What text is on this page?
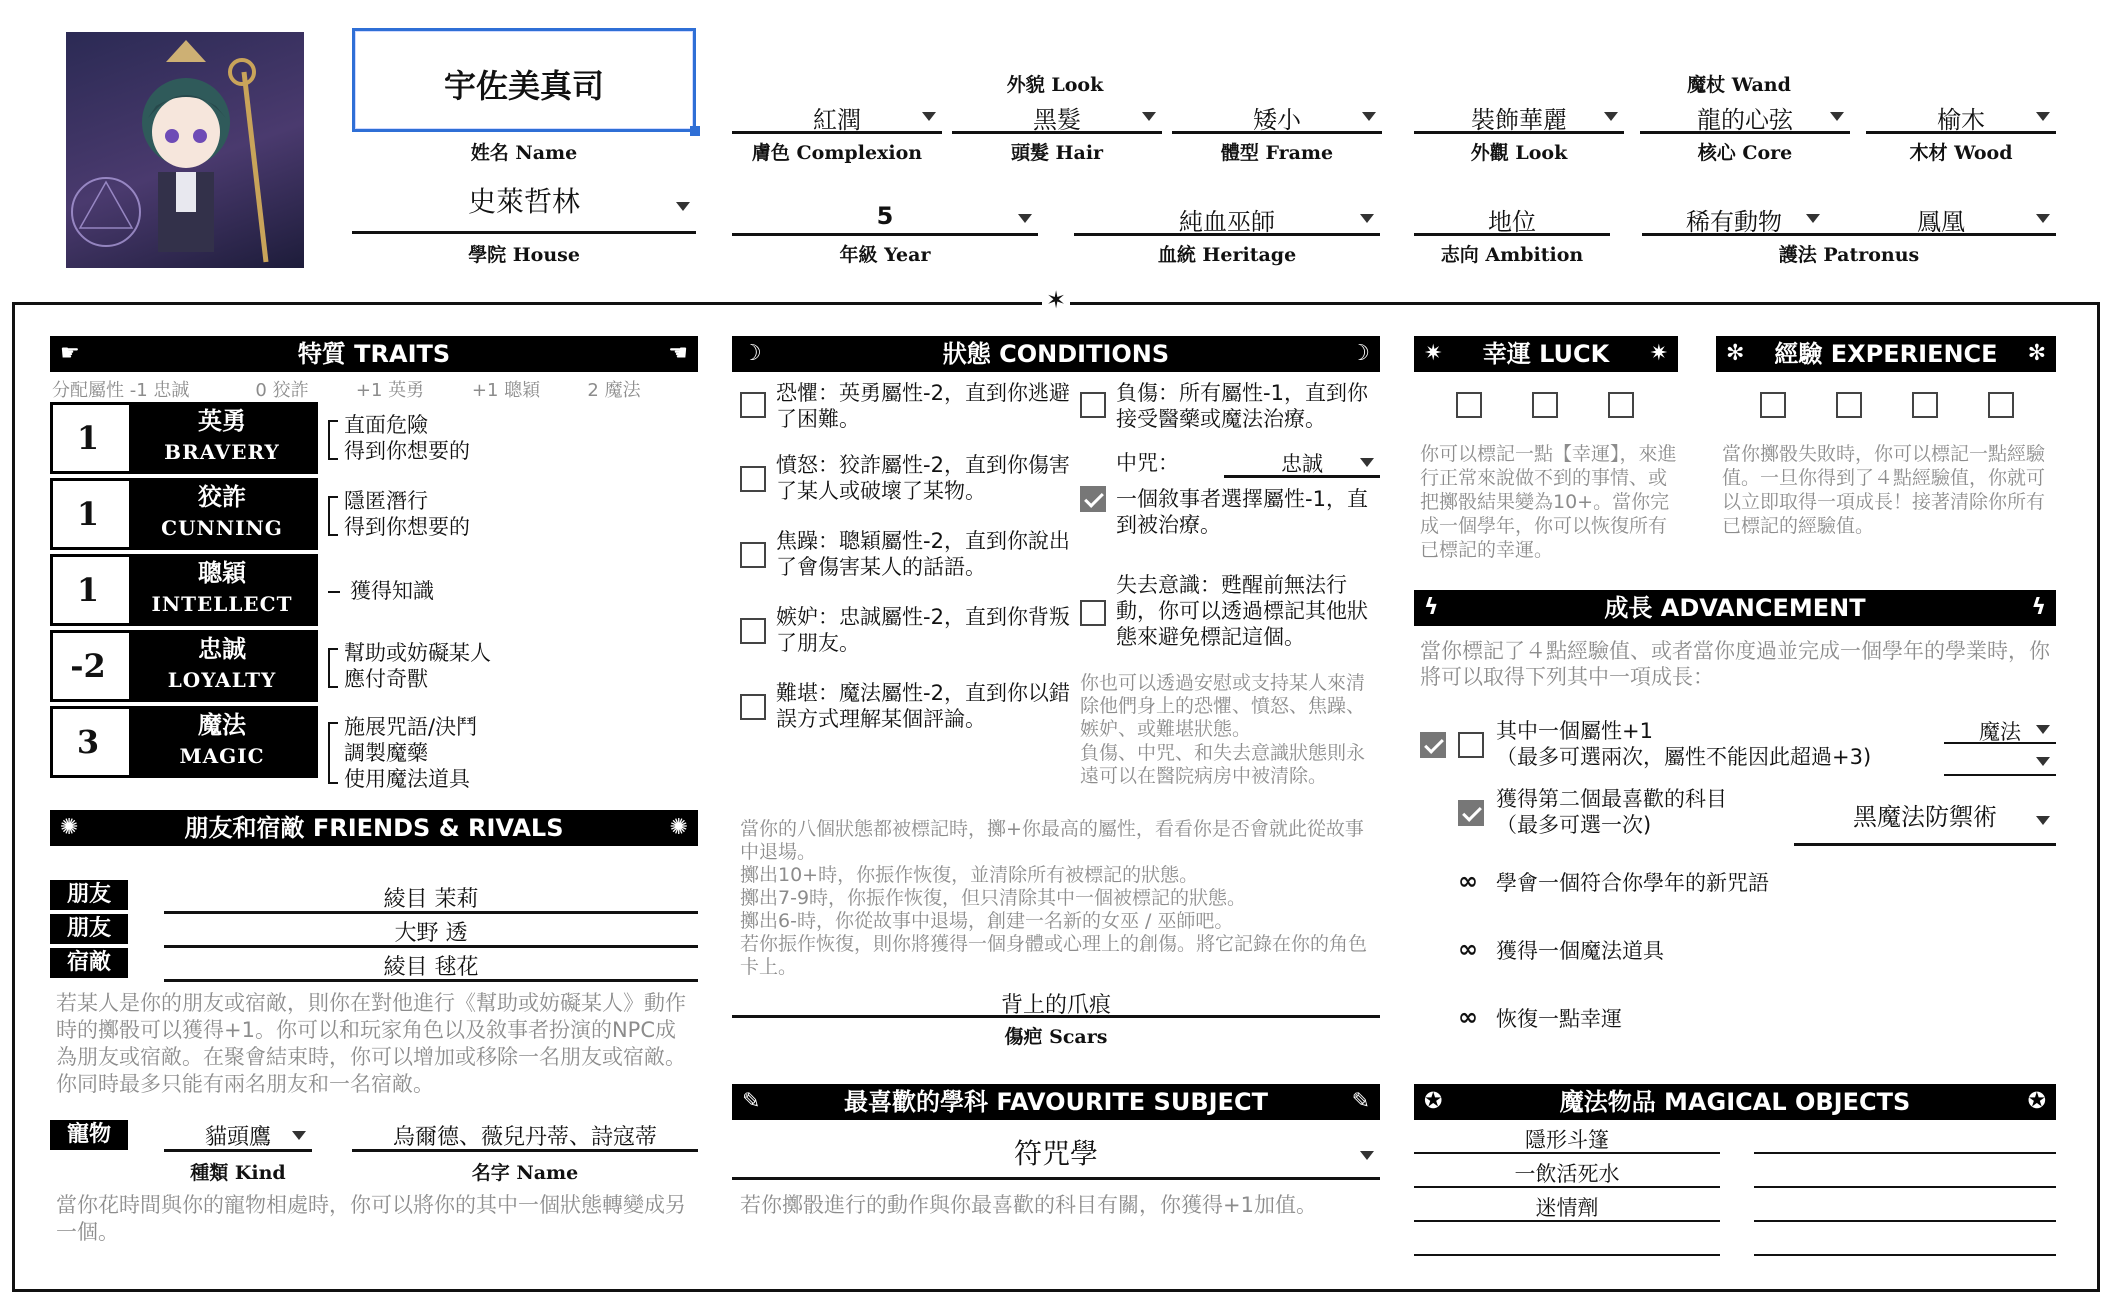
宇佐美真司
姓名 Name
史萊哲林
學院 House
外貌 Look
紅潤
膚色 Complexion
黑髮
頭髮 Hair
矮小
體型 Frame
魔杖 Wand
裝飾華麗
外觀 Look
龍的心弦
核心 Core
榆木
木材 Wood
5
年級 Year
純血巫師
血統 Heritage
地位
志向 Ambition
稀有動物	鳳凰
護法 Patronus
✶
☛	特質 TRAITS	☚
分配屬性 -1 忠誠	0 狡詐	+1 英勇	+1 聰穎	2 魔法
1	英勇
BRAVERY
直面危險
得到你想要的
1	狡詐
CUNNING
隱匿潛行
得到你想要的
1	聰穎
INTELLECT
獲得知識
-2	忠誠
LOYALTY
幫助或妨礙某人
應付奇獸
3	魔法
MAGIC
施展咒語/決鬥
調製魔藥
使用魔法道具
✺	朋友和宿敵 FRIENDS & RIVALS	✺
朋友	綾目 茉莉
朋友	大野 透
宿敵	綾目 毬花
若某人是你的朋友或宿敵，則你在對他進行《幫助或妨礙某人》動作時的擲骰可以獲得+1。你可以和玩家角色以及敘事者扮演的NPC成為朋友或宿敵。在聚會結束時，你可以增加或移除一名朋友或宿敵。你同時最多只能有兩名朋友和一名宿敵。
寵物	貓頭鷹
種類 Kind
烏爾德、薇兒丹蒂、詩寇蒂
名字 Name
當你花時間與你的寵物相處時，你可以將你的其中一個狀態轉變成另一個。
☽	狀態 CONDITIONS	☽
恐懼：英勇屬性-2，直到你逃避了困難。
憤怒：狡詐屬性-2，直到你傷害了某人或破壞了某物。
焦躁：聰穎屬性-2，直到你說出了會傷害某人的話語。
嫉妒：忠誠屬性-2，直到你背叛了朋友。
難堪：魔法屬性-2，直到你以錯誤方式理解某個評論。
負傷：所有屬性-1，直到你接受醫藥或魔法治療。
中咒：	忠誠
一個敘事者選擇屬性-1，直到被治療。
失去意識：甦醒前無法行動，你可以透過標記其他狀態來避免標記這個。
你也可以透過安慰或支持某人來清除他們身上的恐懼、憤怒、焦躁、嫉妒、或難堪狀態。
負傷、中咒、和失去意識狀態則永遠可以在醫院病房中被清除。
當你的八個狀態都被標記時，擲+你最高的屬性，看看你是否會就此從故事中退場。
擲出10+時，你振作恢復，並清除所有被標記的狀態。
擲出7-9時，你振作恢復，但只清除其中一個被標記的狀態。
擲出6-時，你從故事中退場，創建一名新的女巫 / 巫師吧。
若你振作恢復，則你將獲得一個身體或心理上的創傷。將它記錄在你的角色卡上。
背上的爪痕
傷疤 Scars
✎	最喜歡的學科 FAVOURITE SUBJECT	✎
符咒學
若你擲骰進行的動作與你最喜歡的科目有關，你獲得+1加值。
✷ 幸運 LUCK ✷
你可以標記一點【幸運】，來進行正常來說做不到的事情、或把擲骰結果變為10+。當你完成一個學年，你可以恢復所有已標記的幸運。
✻ 經驗 EXPERIENCE ✻
當你擲骰失敗時，你可以標記一點經驗值。一旦你得到了４點經驗值，你就可以立即取得一項成長！接著清除你所有已標記的經驗值。
ϟ	成長 ADVANCEMENT	ϟ
當你標記了４點經驗值、或者當你度過並完成一個學年的學業時，你將可以取得下列其中一項成長：
其中一個屬性+1
（最多可選兩次，屬性不能因此超過+3)
魔法
獲得第二個最喜歡的科目
（最多可選一次)	黑魔法防禦術
∞ 學會一個符合你學年的新咒語
∞ 獲得一個魔法道具
∞ 恢復一點幸運
✪	魔法物品 MAGICAL OBJECTS	✪
隱形斗篷
一飲活死水
迷情劑
